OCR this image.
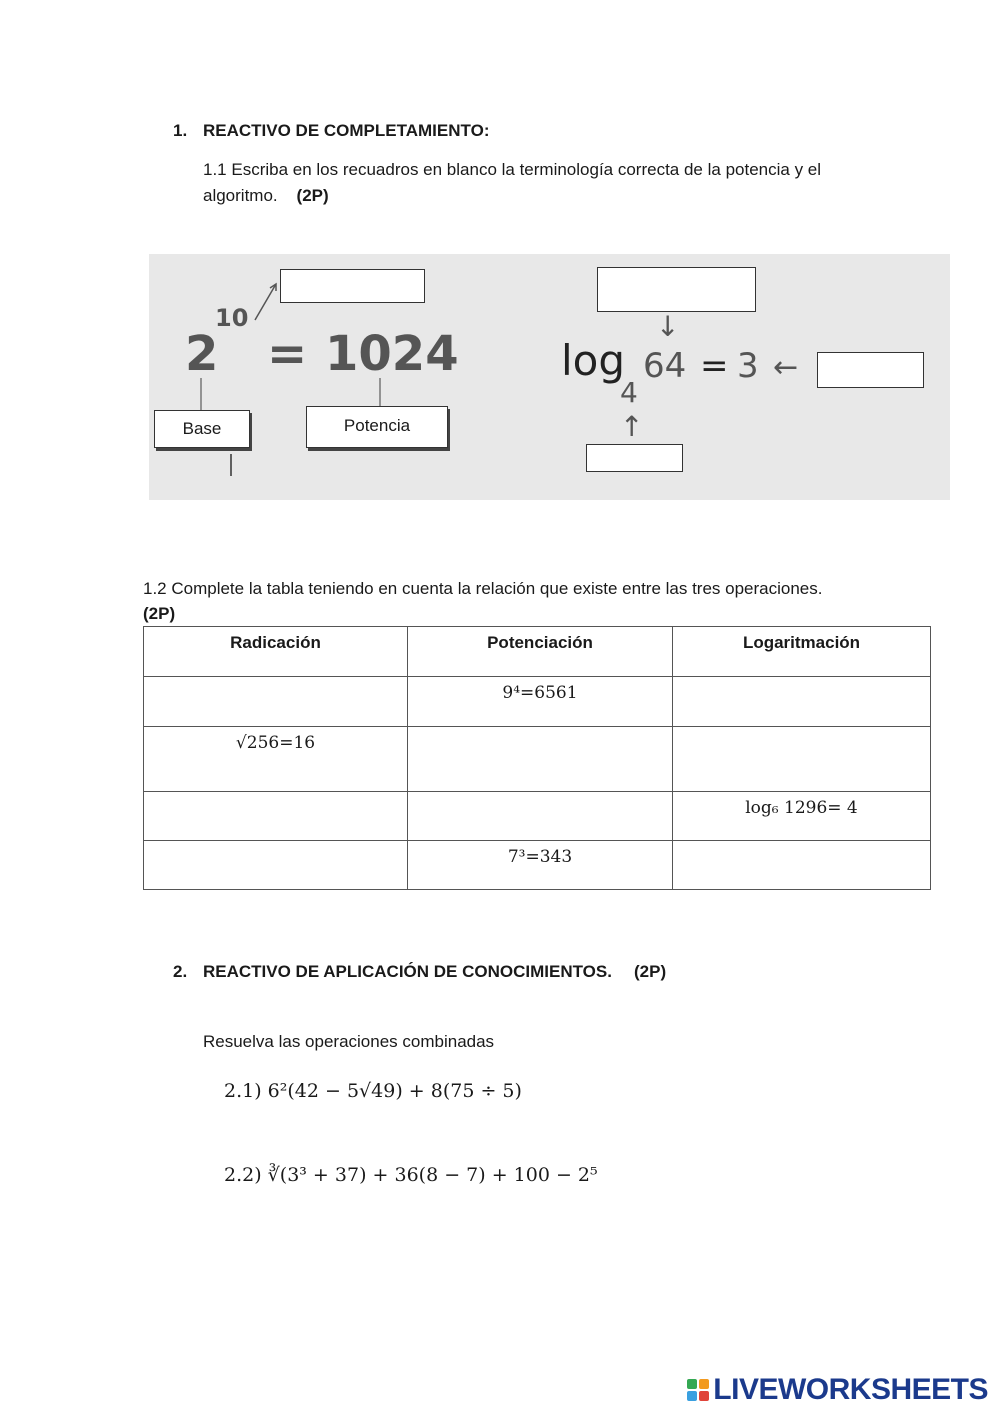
1. REACTIVO DE COMPLETAMIENTO:
1.1 Escriba en los recuadros en blanco la terminología correcta de la potencia y el
algoritmo. (2P)
2
10
= 1024
Base	Potencia
↓
log
4
64 = 3 ←
↑
1.2 Complete la tabla teniendo en cuenta la relación que existe entre las tres operaciones.
(2P)
Radicación	Potenciación	Logaritmación
	9⁴=6561	
√256=16		
		log₆ 1296= 4
	7³=343	
2. REACTIVO DE APLICACIÓN DE CONOCIMIENTOS. (2P)
Resuelva las operaciones combinadas
2.1) 6²(42 − 5√49) + 8(75 ÷ 5)
2.2) ∛(3³ + 37) + 36(8 − 7) + 100 − 2⁵
LIVEWORKSHEETS
